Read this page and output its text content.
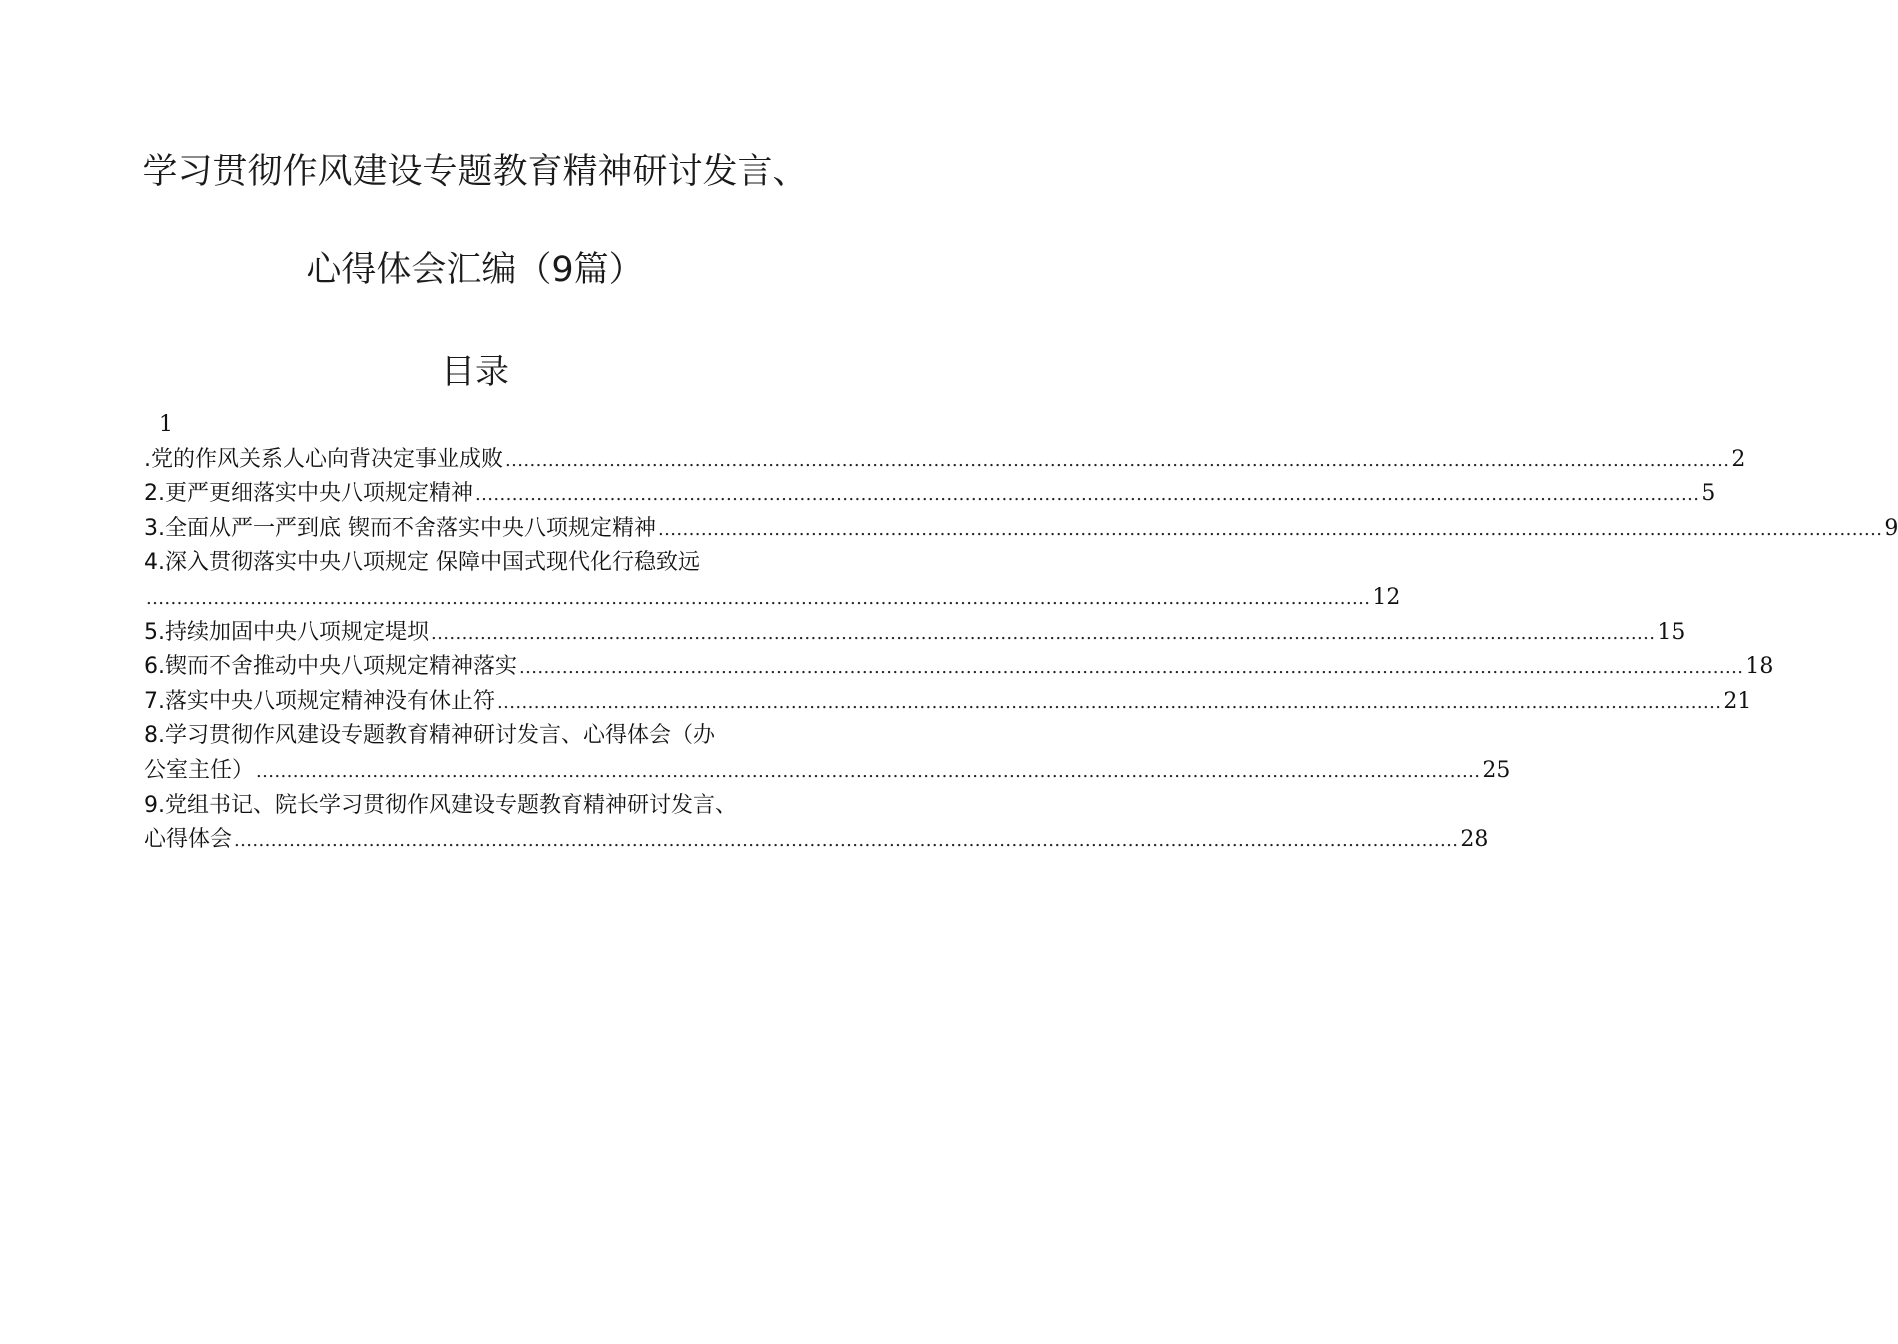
学习贯彻作风建设专题教育精神研讨发言、
心得体会汇编（9篇）
目录
1
.党的作风关系人心向背决定事业成败 ........................................................................................................................................................................................................ 2
2.更严更细落实中央八项规定精神 ........................................................................................................................................................................................................ 5
3.全面从严一严到底 锲而不舍落实中央八项规定精神 ........................................................................................................................................................................................................ 9
4.深入贯彻落实中央八项规定 保障中国式现代化行稳致远
........................................................................................................................................................................................................ 12
5.持续加固中央八项规定堤坝 ........................................................................................................................................................................................................ 15
6.锲而不舍推动中央八项规定精神落实 ........................................................................................................................................................................................................ 18
7.落实中央八项规定精神没有休止符 ........................................................................................................................................................................................................ 21
8.学习贯彻作风建设专题教育精神研讨发言、心得体会（办
公室主任） ........................................................................................................................................................................................................ 25
9.党组书记、院长学习贯彻作风建设专题教育精神研讨发言、
心得体会 ........................................................................................................................................................................................................ 28
